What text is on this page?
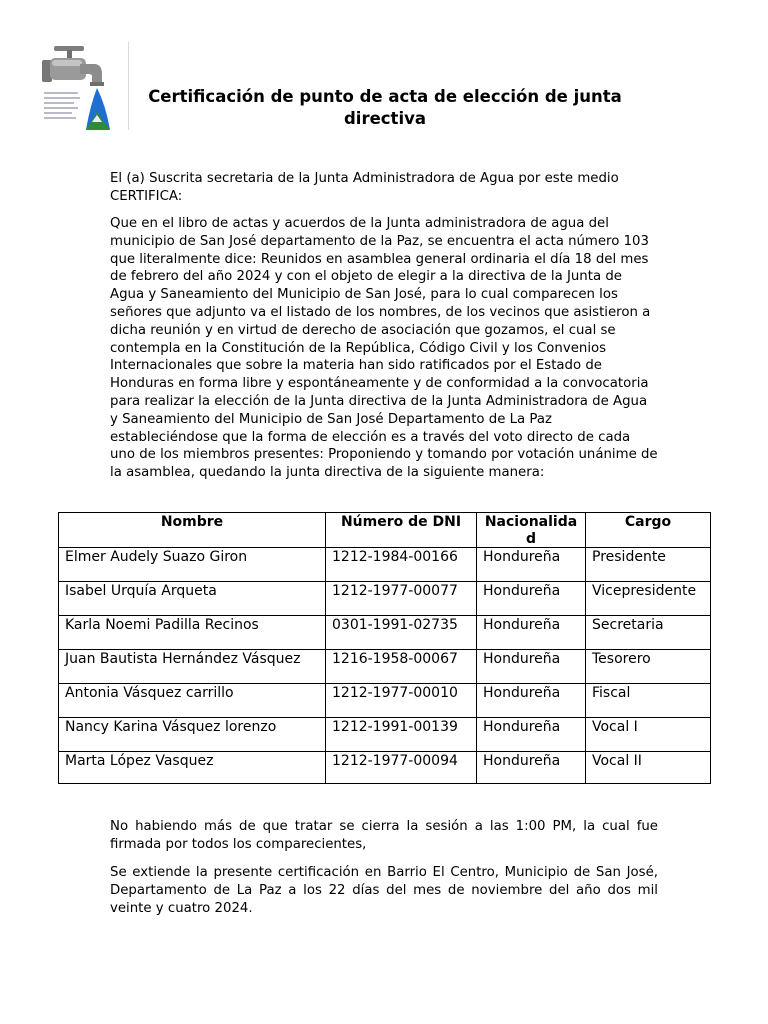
Certificación de punto de acta de elección de junta directiva
El (a) Suscrita secretaria de la Junta Administradora de Agua por este medio CERTIFICA:
Que en el libro de actas y acuerdos de la Junta administradora de agua del municipio de San José departamento de la Paz, se encuentra el acta número 103 que literalmente dice: Reunidos en asamblea general ordinaria el día 18 del mes de febrero del año 2024 y con el objeto de elegir a la directiva de la Junta de Agua y Saneamiento del Municipio de San José, para lo cual comparecen los señores que adjunto va el listado de los nombres, de los vecinos que asistieron a dicha reunión y en virtud de derecho de asociación que gozamos, el cual se contempla en la Constitución de la República, Código Civil y los Convenios Internacionales que sobre la materia han sido ratificados por el Estado de Honduras en forma libre y espontáneamente y de conformidad a la convocatoria para realizar la elección de la Junta directiva de la Junta Administradora de Agua y Saneamiento del Municipio de San José Departamento de La Paz estableciéndose que la forma de elección es a través del voto directo de cada uno de los miembros presentes: Proponiendo y tomando por votación unánime de la asamblea, quedando la junta directiva de la siguiente manera:
Nombre	Número de DNI	Nacionalidad	Cargo
Elmer Audely Suazo Giron	1212-1984-00166	Hondureña	Presidente
Isabel Urquía Arqueta	1212-1977-00077	Hondureña	Vicepresidente
Karla Noemi Padilla Recinos	0301-1991-02735	Hondureña	Secretaria
Juan Bautista Hernández Vásquez	1216-1958-00067	Hondureña	Tesorero
Antonia Vásquez carrillo	1212-1977-00010	Hondureña	Fiscal
Nancy Karina Vásquez lorenzo	1212-1991-00139	Hondureña	Vocal I
Marta López Vasquez	1212-1977-00094	Hondureña	Vocal II
No habiendo más de que tratar se cierra la sesión a las 1:00 PM, la cual fue firmada por todos los comparecientes,
Se extiende la presente certificación en Barrio El Centro, Municipio de San José, Departamento de La Paz a los 22 días del mes de noviembre del año dos mil veinte y cuatro 2024.
